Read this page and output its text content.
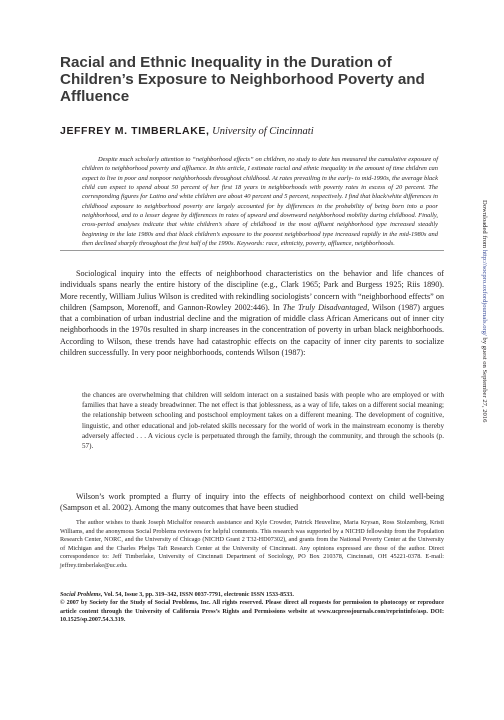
Racial and Ethnic Inequality in the Duration of Children’s Exposure to Neighborhood Poverty and Affluence
JEFFREY M. TIMBERLAKE, University of Cincinnati

Despite much scholarly attention to “neighborhood effects” on children, no study to date has measured the cumulative exposure of children to neighborhood poverty and affluence. In this article, I estimate racial and ethnic inequality in the amount of time children can expect to live in poor and nonpoor neighborhoods throughout childhood. At rates prevailing in the early- to mid-1990s, the average black child can expect to spend about 50 percent of her first 18 years in neighborhoods with poverty rates in excess of 20 percent. The corresponding figures for Latino and white children are about 40 percent and 5 percent, respectively. I find that black/white differences in childhood exposure to neighborhood poverty are largely accounted for by differences in the probability of being born into a poor neighborhood, and to a lesser degree by differences in rates of upward and downward neighborhood mobility during childhood. Finally, cross-period analyses indicate that white children’s share of childhood in the most affluent neighborhood type increased steadily beginning in the late 1980s and that black children’s exposure to the poorest neighborhood type increased rapidly in the mid-1980s and then declined sharply throughout the first half of the 1990s. Keywords: race, ethnicity, poverty, affluence, neighborhoods.

Sociological inquiry into the effects of neighborhood characteristics on the behavior and life chances of individuals spans nearly the entire history of the discipline (e.g., Clark 1965; Park and Burgess 1925; Riis 1890). More recently, William Julius Wilson is credited with rekindling sociologists’ concern with “neighborhood effects” on children (Sampson, Morenoff, and Gannon-Rowley 2002:446). In The Truly Disadvantaged, Wilson (1987) argues that a combination of urban industrial decline and the migration of middle class African Americans out of inner city neighborhoods in the 1970s resulted in sharp increases in the concentration of poverty in urban black neighborhoods. According to Wilson, these trends have had catastrophic effects on the capacity of inner city parents to socialize children successfully. In very poor neighborhoods, contends Wilson (1987):

the chances are overwhelming that children will seldom interact on a sustained basis with people who are employed or with families that have a steady breadwinner. The net effect is that joblessness, as a way of life, takes on a different social meaning; the relationship between schooling and postschool employment takes on a different meaning. The development of cognitive, linguistic, and other educational and job-related skills necessary for the world of work in the mainstream economy is thereby adversely affected . . . A vicious cycle is perpetuated through the family, through the community, and through the schools (p. 57).

Wilson’s work prompted a flurry of inquiry into the effects of neighborhood context on child well-being (Sampson et al. 2002). Among the many outcomes that have been studied

The author wishes to thank Joseph Michalfor research assistance and Kyle Crowder, Patrick Heuveline, Maria Krysan, Ross Stolzenberg, Kristi Williams, and the anonymous Social Problems reviewers for helpful comments. This research was supported by a NICHD fellowship from the Population Research Center, NORC, and the University of Chicago (NICHD Grant 2 T32-HD07302), and grants from the National Poverty Center at the University of Michigan and the Charles Phelps Taft Research Center at the University of Cincinnati. Any opinions expressed are those of the author. Direct correspondence to: Jeff Timberlake, University of Cincinnati Department of Sociology, PO Box 210378, Cincinnati, OH 45221-0378. E-mail: jeffrey.timberlake@uc.edu.

Social Problems, Vol. 54, Issue 3, pp. 319–342, ISSN 0037-7791, electronic ISSN 1533-8533.

© 2007 by Society for the Study of Social Problems, Inc. All rights reserved. Please direct all requests for permission to photocopy or reproduce article content through the University of California Press’s Rights and Permissions website at www.ucpressjournals.com/reprintinfo/asp. DOI: 10.1525/sp.2007.54.3.319.

Downloaded from http://socpro.oxfordjournals.org/ by guest on September 27, 2016
